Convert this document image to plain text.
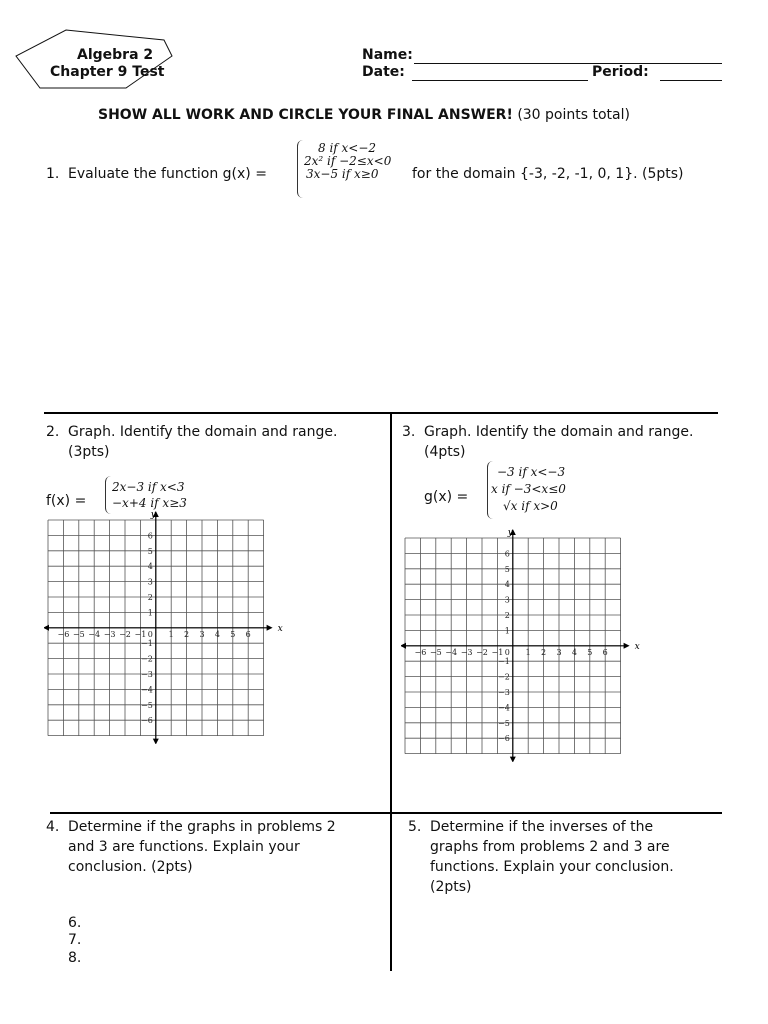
Algebra 2
Chapter 9 Test
Name:
Date:	Period:
SHOW ALL WORK AND CIRCLE YOUR FINAL ANSWER! (30 points total)
1. Evaluate the function g(x) =
8 if x<−2
2x² if −2≤x<0
3x−5 if x≥0	for the domain {-3, -2, -1, 0, 1}. (5pts)
2. Graph. Identify the domain and range.
(3pts)
f(x) =
2x−3 if x<3
−x+4 if x≥3
−6 −5 −4 −3 −2 −1	1 2 3 4 5 6
6
5
4
3
2
1
−1
−2
−3
−4
−5
−6
0
x
y
3. Graph. Identify the domain and range.
(4pts)
g(x) =
−3 if x<−3
x if −3<x≤0
√x if x>0
−6 −5 −4 −3 −2 −1	1 2 3 4 5 6
6
5
4
3
2
1
−1
−2
−3
−4
−5
−6
0
x
y
4. Determine if the graphs in problems 2
and 3 are functions. Explain your
conclusion. (2pts)
6.
7.
8.
5. Determine if the inverses of the
graphs from problems 2 and 3 are
functions. Explain your conclusion.
(2pts)
